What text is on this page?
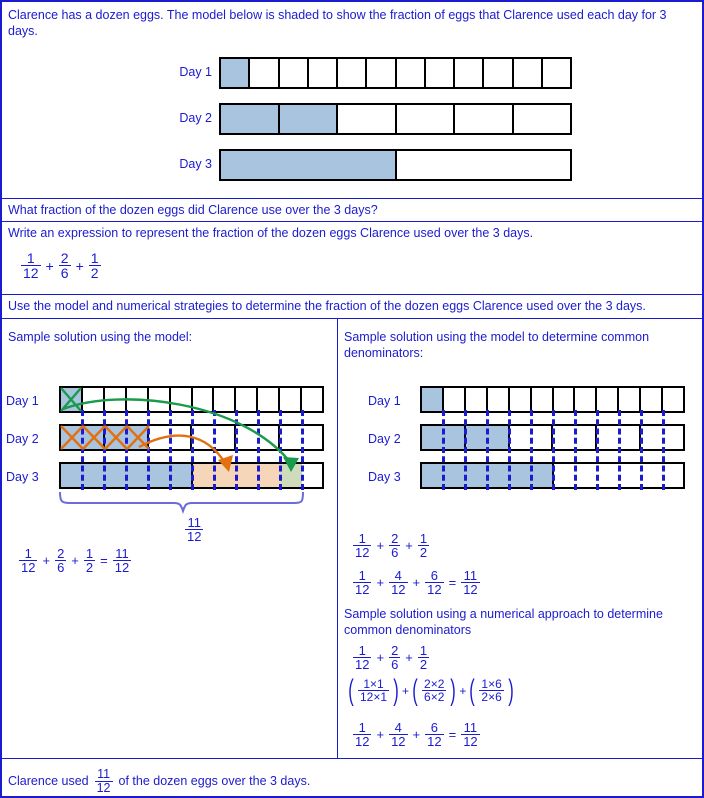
Clarence has a dozen eggs. The model below is shaded to show the fraction of eggs that Clarence used each day for 3 days.
Day 1
Day 2
Day 3
What fraction of the dozen eggs did Clarence use over the 3 days?
Write an expression to represent the fraction of the dozen eggs Clarence used over the 3 days.
$\frac{1}{12} + \frac{2}{6} + \frac{1}{2}$
Use the model and numerical strategies to determine the fraction of the dozen eggs Clarence used over the 3 days.
Sample solution using the model:
Day 1
Day 2
Day 3
$\frac{11}{12}$
$\frac{1}{12} + \frac{2}{6} + \frac{1}{2} = \frac{11}{12}$
Sample solution using the model to determine common denominators:
Day 1
Day 2
Day 3
$\frac{1}{12} + \frac{2}{6} + \frac{1}{2}$
$\frac{1}{12} + \frac{4}{12} + \frac{6}{12} = \frac{11}{12}$
Sample solution using a numerical approach to determine common denominators
$\frac{1}{12} + \frac{2}{6} + \frac{1}{2}$
( $\frac{1\times 1}{12\times 1}$ ) + ( $\frac{2\times 2}{6\times 2}$ ) + ( $\frac{1\times 6}{2\times 6}$ )
$\frac{1}{12} + \frac{4}{12} + \frac{6}{12} = \frac{11}{12}$
Clarence used $\frac{11}{12}$ of the dozen eggs over the 3 days.
